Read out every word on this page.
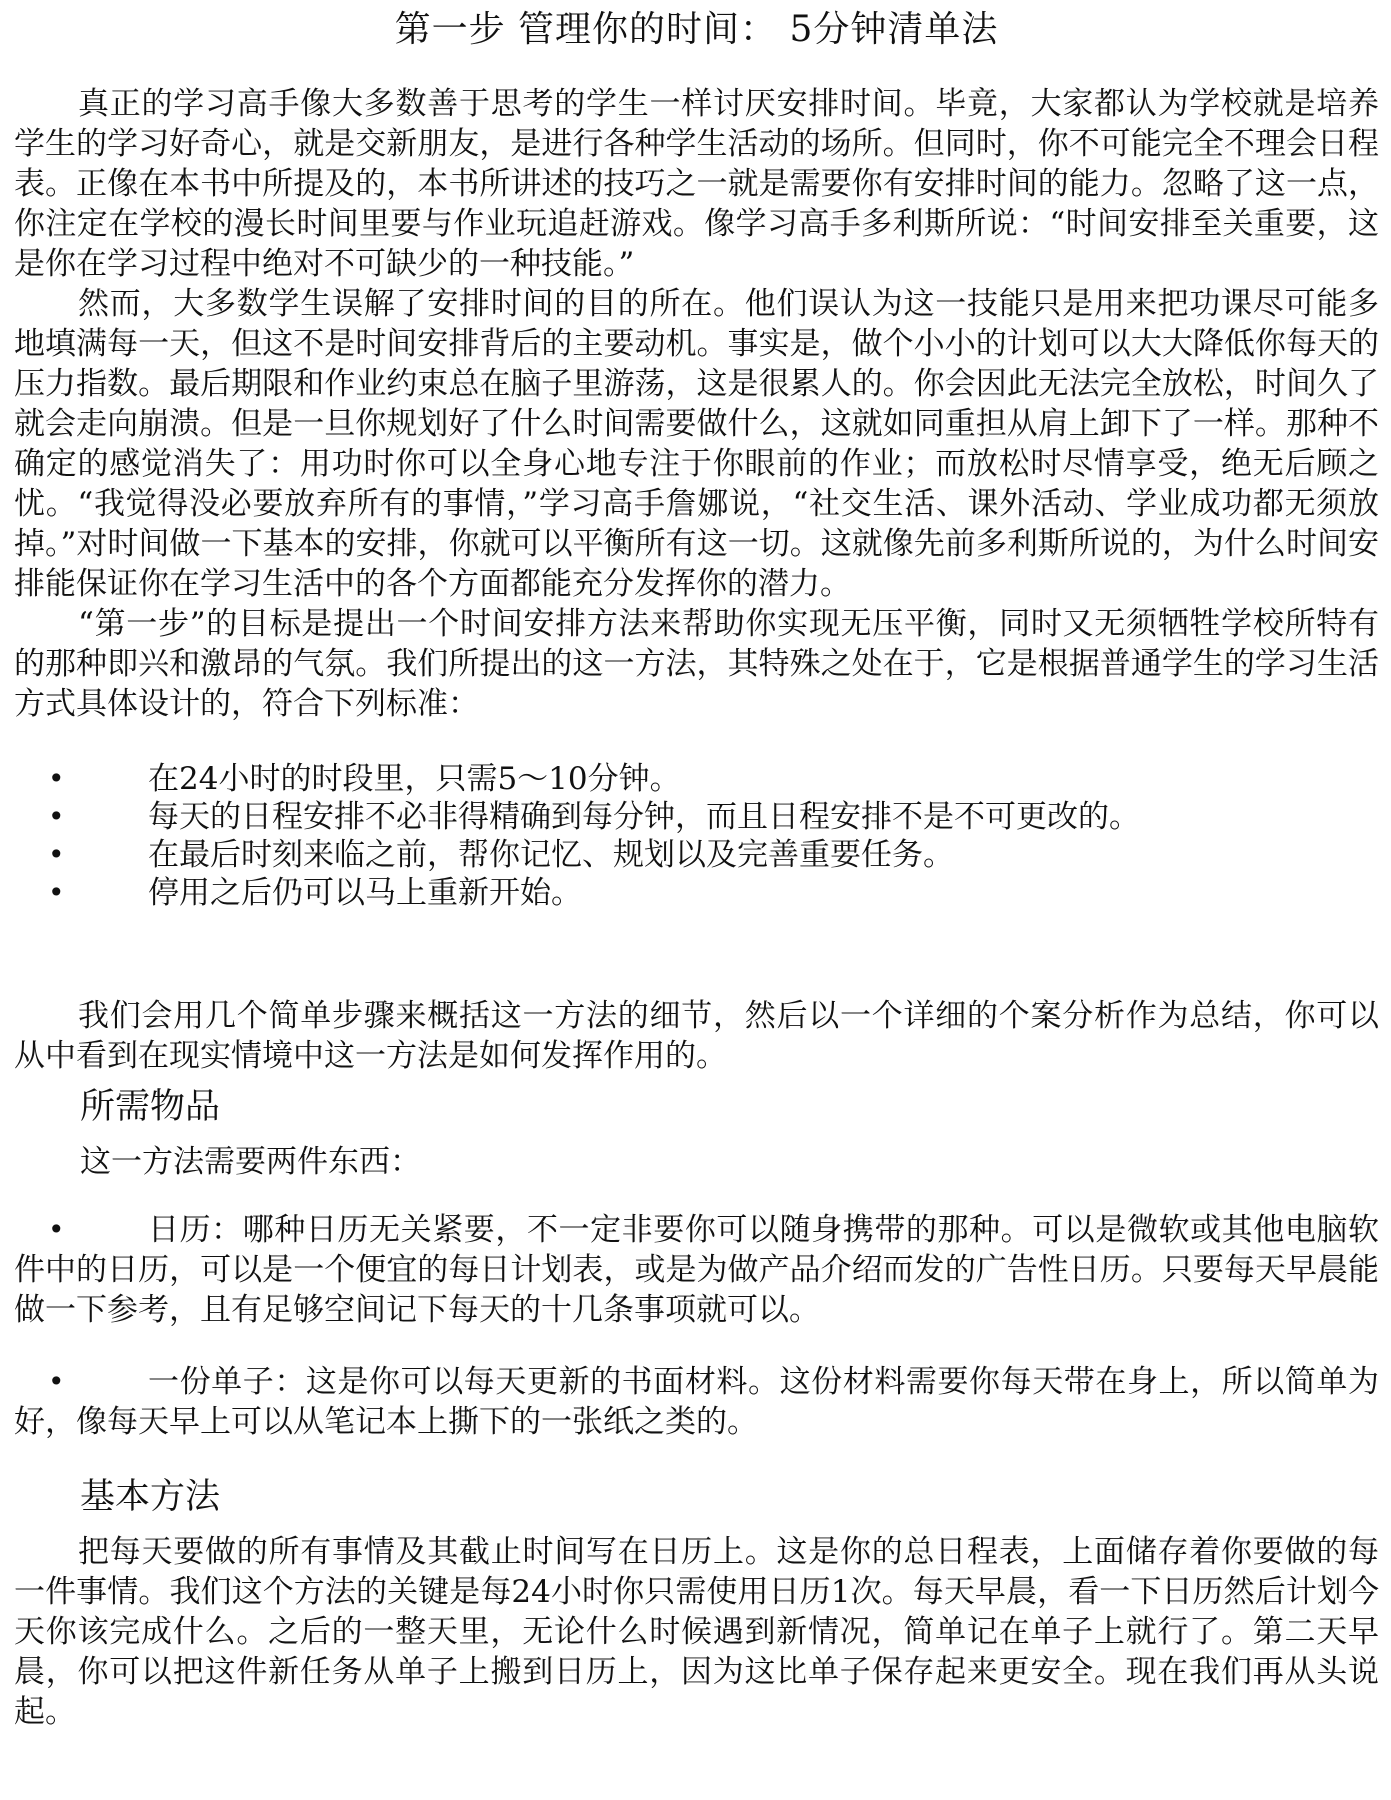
第一步 管理你的时间： 5分钟清单法

真正的学习高手像大多数善于思考的学生一样讨厌安排时间。毕竟，大家都认为学校就是培养学生的学习好奇心，就是交新朋友，是进行各种学生活动的场所。但同时，你不可能完全不理会日程表。正像在本书中所提及的，本书所讲述的技巧之一就是需要你有安排时间的能力。忽略了这一点，你注定在学校的漫长时间里要与作业玩追赶游戏。像学习高手多利斯所说：“时间安排至关重要，这是你在学习过程中绝对不可缺少的一种技能。”

然而，大多数学生误解了安排时间的目的所在。他们误认为这一技能只是用来把功课尽可能多地填满每一天，但这不是时间安排背后的主要动机。事实是，做个小小的计划可以大大降低你每天的压力指数。最后期限和作业约束总在脑子里游荡，这是很累人的。你会因此无法完全放松，时间久了就会走向崩溃。但是一旦你规划好了什么时间需要做什么，这就如同重担从肩上卸下了一样。那种不确定的感觉消失了：用功时你可以全身心地专注于你眼前的作业；而放松时尽情享受，绝无后顾之忧。“我觉得没必要放弃所有的事情，”学习高手詹娜说，“社交生活、课外活动、学业成功都无须放掉。”对时间做一下基本的安排，你就可以平衡所有这一切。这就像先前多利斯所说的，为什么时间安排能保证你在学习生活中的各个方面都能充分发挥你的潜力。

“第一步”的目标是提出一个时间安排方法来帮助你实现无压平衡，同时又无须牺牲学校所特有的那种即兴和激昂的气氛。我们所提出的这一方法，其特殊之处在于，它是根据普通学生的学习生活方式具体设计的，符合下列标准：

•	在24小时的时段里，只需5～10分钟。
•	每天的日程安排不必非得精确到每分钟，而且日程安排不是不可更改的。
•	在最后时刻来临之前，帮你记忆、规划以及完善重要任务。
•	停用之后仍可以马上重新开始。

我们会用几个简单步骤来概括这一方法的细节，然后以一个详细的个案分析作为总结，你可以从中看到在现实情境中这一方法是如何发挥作用的。

所需物品
这一方法需要两件东西：
•	日历：哪种日历无关紧要，不一定非要你可以随身携带的那种。可以是微软或其他电脑软件中的日历，可以是一个便宜的每日计划表，或是为做产品介绍而发的广告性日历。只要每天早晨能做一下参考，且有足够空间记下每天的十几条事项就可以。
•	一份单子：这是你可以每天更新的书面材料。这份材料需要你每天带在身上，所以简单为好，像每天早上可以从笔记本上撕下的一张纸之类的。
基本方法

把每天要做的所有事情及其截止时间写在日历上。这是你的总日程表，上面储存着你要做的每一件事情。我们这个方法的关键是每24小时你只需使用日历1次。每天早晨，看一下日历然后计划今天你该完成什么。之后的一整天里，无论什么时候遇到新情况，简单记在单子上就行了。第二天早晨，你可以把这件新任务从单子上搬到日历上，因为这比单子保存起来更安全。现在我们再从头说起。
